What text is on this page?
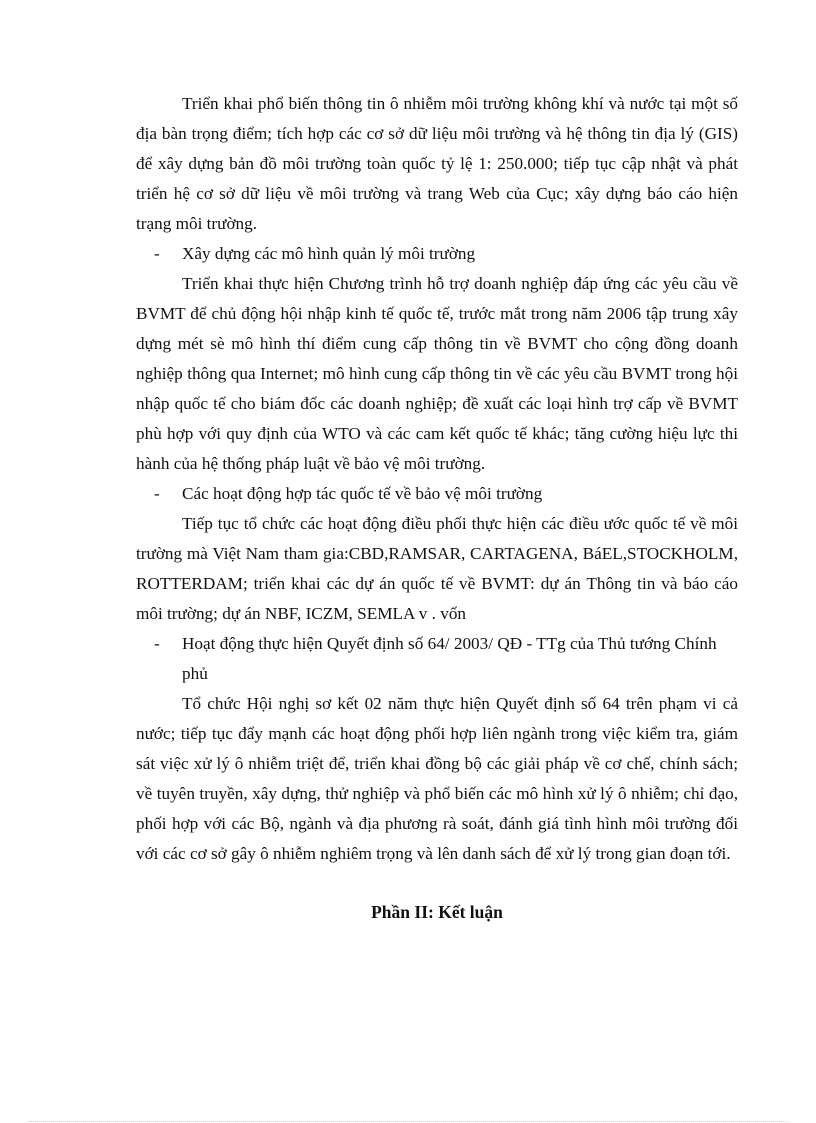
Triển khai phổ biến thông tin ô nhiễm môi trường không khí và nước tại một số địa bàn trọng điểm; tích hợp các cơ sở dữ liệu môi trường và hệ thông tin địa lý (GIS) để xây dựng bản đồ môi trường toàn quốc tỷ lệ 1: 250.000; tiếp tục cập nhật và phát triển hệ cơ sở dữ liệu về môi trường và trang Web của Cục; xây dựng báo cáo hiện trạng môi trường.

- Xây dựng các mô hình quản lý môi trường

Triển khai thực hiện Chương trình hỗ trợ doanh nghiệp đáp ứng các yêu cầu về BVMT để chủ động hội nhập kinh tế quốc tế, trước mắt trong năm 2006 tập trung xây dựng mét sè mô hình thí điểm cung cấp thông tin về BVMT cho cộng đồng doanh nghiệp thông qua Internet; mô hình cung cấp thông tin về các yêu cầu BVMT trong hội nhập quốc tế cho biám đốc các doanh nghiệp; đề xuất các loại hình trợ cấp về BVMT phù hợp với quy định của WTO và các cam kết quốc tế khác; tăng cường hiệu lực thi hành của hệ thống pháp luật về bảo vệ môi trường.

- Các hoạt động hợp tác quốc tế về bảo vệ môi trường

Tiếp tục tổ chức các hoạt động điều phối thực hiện các điều ước quốc tế về môi trường mà Việt Nam tham gia:CBD,RAMSAR, CARTAGENA, BáEL,STOCKHOLM, ROTTERDAM; triển khai các dự án quốc tế về BVMT: dự án Thông tin và báo cáo môi trường; dự án NBF, ICZM, SEMLA v . vốn

- Hoạt động thực hiện Quyết định số 64/ 2003/ QĐ - TTg của Thủ tướng Chính phủ

Tổ chức Hội nghị sơ kết 02 năm thực hiện Quyết định số 64 trên phạm vi cả nước; tiếp tục đẩy mạnh các hoạt động phối hợp liên ngành trong việc kiểm tra, giám sát việc xử lý ô nhiễm triệt để, triển khai đồng bộ các giải pháp về cơ chế, chính sách; về tuyên truyền, xây dựng, thử nghiệp và phổ biến các mô hình xử lý ô nhiễm; chỉ đạo, phối hợp với các Bộ, ngành và địa phương rà soát, đánh giá tình hình môi trường đối với các cơ sở gây ô nhiễm nghiêm trọng và lên danh sách để xử lý trong gian đoạn tới.

Phần II: Kết luận
